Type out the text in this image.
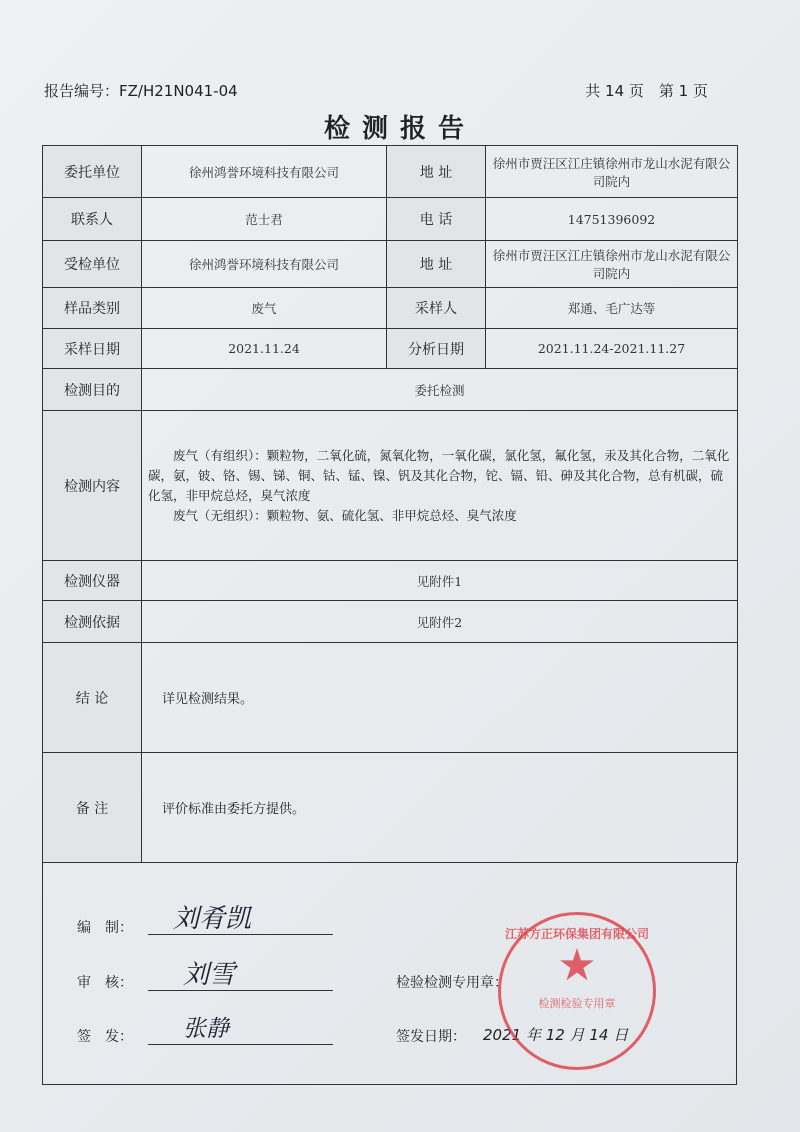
报告编号：FZ/H21N041-04	共 14 页　第 1 页
检测报告
委托单位	徐州鸿誉环境科技有限公司	地 址	徐州市贾汪区江庄镇徐州市龙山水泥有限公司院内
联系人	范士君	电 话	14751396092
受检单位	徐州鸿誉环境科技有限公司	地 址	徐州市贾汪区江庄镇徐州市龙山水泥有限公司院内
样品类别	废气	采样人	郑通、毛广达等
采样日期	2021.11.24	分析日期	2021.11.24-2021.11.27
检测目的	委托检测		
检测内容	废气（有组织）：颗粒物，二氧化硫，氮氧化物，一氧化碳，氯化氢，氟化氢，汞及其化合物，二氧化碳，氨，铍、铬、锡、锑、铜、钴、锰、镍、钒及其化合物，铊、镉、铅、砷及其化合物，总有机碳，硫化氢，非甲烷总烃，臭气浓度
废气（无组织）：颗粒物、氨、硫化氢、非甲烷总烃、臭气浓度		

检测仪器	见附件1		
检测依据	见附件2		
结 论	详见检测结果。		
备 注	评价标准由委托方提供。		
编　制： 刘肴凯
审　核： 刘雪
签　发： 张静
检验检测专用章：
签发日期： 2021 年 12 月 14 日
江苏方正环保集团有限公司
★
检测检验专用章
